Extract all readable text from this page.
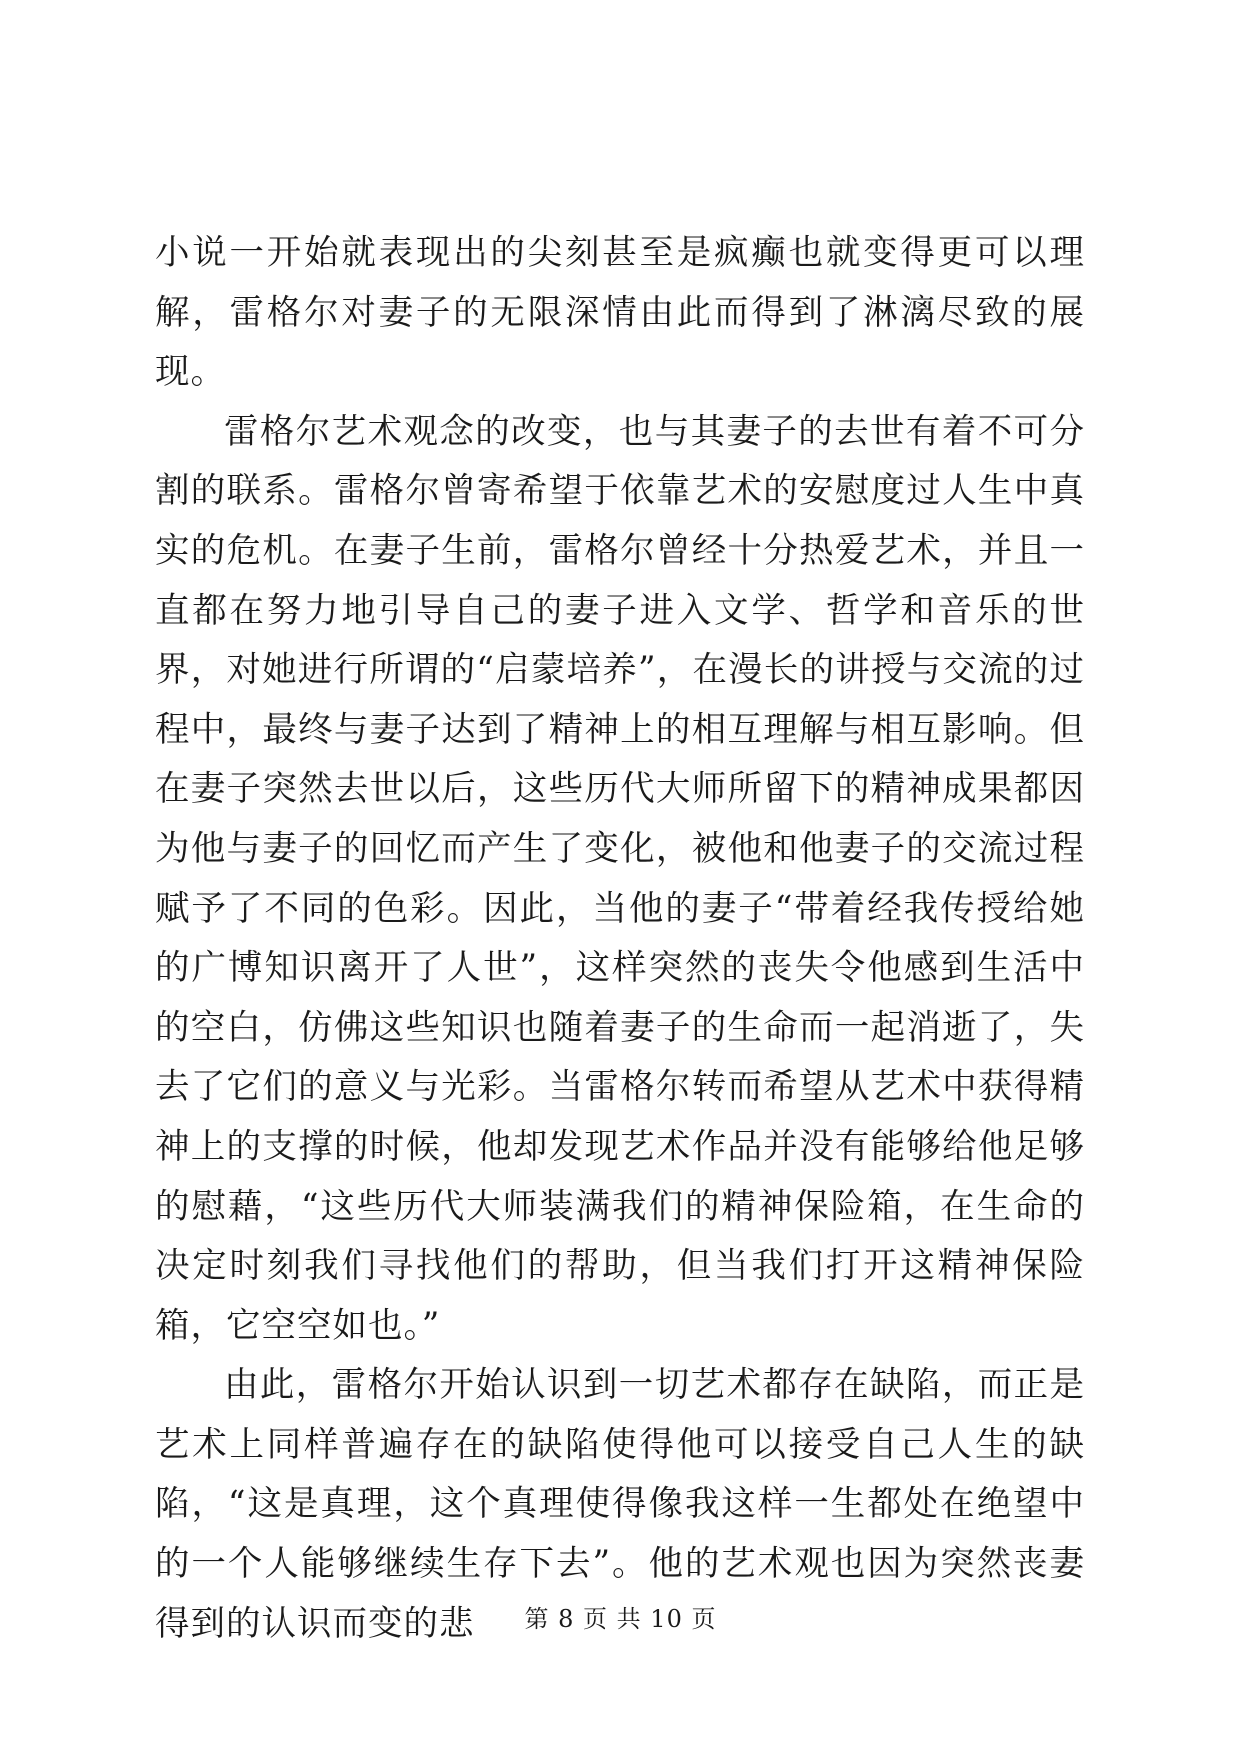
小说一开始就表现出的尖刻甚至是疯癫也就变得更可以理解，雷格尔对妻子的无限深情由此而得到了淋漓尽致的展现。

雷格尔艺术观念的改变，也与其妻子的去世有着不可分割的联系。雷格尔曾寄希望于依靠艺术的安慰度过人生中真实的危机。在妻子生前，雷格尔曾经十分热爱艺术，并且一直都在努力地引导自己的妻子进入文学、哲学和音乐的世界，对她进行所谓的“启蒙培养”，在漫长的讲授与交流的过程中，最终与妻子达到了精神上的相互理解与相互影响。但在妻子突然去世以后，这些历代大师所留下的精神成果都因为他与妻子的回忆而产生了变化，被他和他妻子的交流过程赋予了不同的色彩。因此，当他的妻子“带着经我传授给她的广博知识离开了人世”，这样突然的丧失令他感到生活中的空白，仿佛这些知识也随着妻子的生命而一起消逝了，失去了它们的意义与光彩。当雷格尔转而希望从艺术中获得精神上的支撑的时候，他却发现艺术作品并没有能够给他足够的慰藉，“这些历代大师装满我们的精神保险箱，在生命的决定时刻我们寻找他们的帮助，但当我们打开这精神保险箱，它空空如也。”

由此，雷格尔开始认识到一切艺术都存在缺陷，而正是艺术上同样普遍存在的缺陷使得他可以接受自己人生的缺陷，“这是真理，这个真理使得像我这样一生都处在绝望中的一个人能够继续生存下去”。他的艺术观也因为突然丧妻得到的认识而变的悲	第 8 页 共 10 页
